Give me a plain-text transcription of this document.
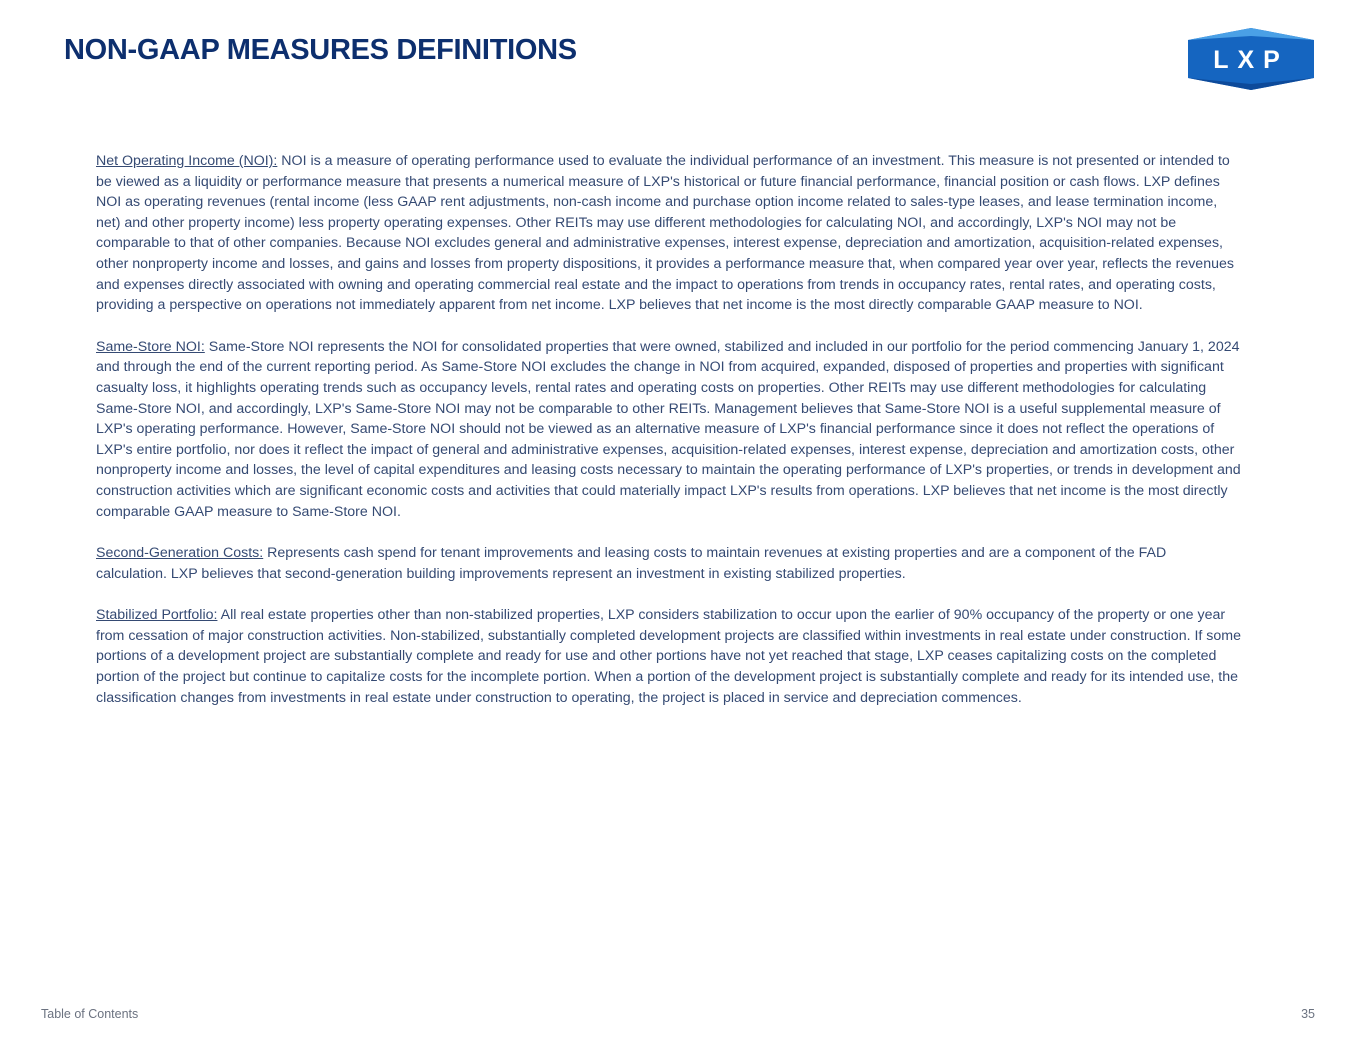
NON-GAAP MEASURES DEFINITIONS	LXP

Net Operating Income (NOI): NOI is a measure of operating performance used to evaluate the individual performance of an investment. This measure is not presented or intended to be viewed as a liquidity or performance measure that presents a numerical measure of LXP's historical or future financial performance, financial position or cash flows. LXP defines NOI as operating revenues (rental income (less GAAP rent adjustments, non-cash income and purchase option income related to sales-type leases, and lease termination income, net) and other property income) less property operating expenses. Other REITs may use different methodologies for calculating NOI, and accordingly, LXP's NOI may not be comparable to that of other companies. Because NOI excludes general and administrative expenses, interest expense, depreciation and amortization, acquisition-related expenses, other nonproperty income and losses, and gains and losses from property dispositions, it provides a performance measure that, when compared year over year, reflects the revenues and expenses directly associated with owning and operating commercial real estate and the impact to operations from trends in occupancy rates, rental rates, and operating costs, providing a perspective on operations not immediately apparent from net income. LXP believes that net income is the most directly comparable GAAP measure to NOI.

Same-Store NOI: Same-Store NOI represents the NOI for consolidated properties that were owned, stabilized and included in our portfolio for the period commencing January 1, 2024 and through the end of the current reporting period. As Same-Store NOI excludes the change in NOI from acquired, expanded, disposed of properties and properties with significant casualty loss, it highlights operating trends such as occupancy levels, rental rates and operating costs on properties. Other REITs may use different methodologies for calculating Same-Store NOI, and accordingly, LXP's Same-Store NOI may not be comparable to other REITs. Management believes that Same-Store NOI is a useful supplemental measure of LXP's operating performance. However, Same-Store NOI should not be viewed as an alternative measure of LXP's financial performance since it does not reflect the operations of LXP's entire portfolio, nor does it reflect the impact of general and administrative expenses, acquisition-related expenses, interest expense, depreciation and amortization costs, other nonproperty income and losses, the level of capital expenditures and leasing costs necessary to maintain the operating performance of LXP's properties, or trends in development and construction activities which are significant economic costs and activities that could materially impact LXP's results from operations. LXP believes that net income is the most directly comparable GAAP measure to Same-Store NOI.

Second-Generation Costs: Represents cash spend for tenant improvements and leasing costs to maintain revenues at existing properties and are a component of the FAD calculation. LXP believes that second-generation building improvements represent an investment in existing stabilized properties.

Stabilized Portfolio: All real estate properties other than non-stabilized properties, LXP considers stabilization to occur upon the earlier of 90% occupancy of the property or one year from cessation of major construction activities. Non-stabilized, substantially completed development projects are classified within investments in real estate under construction. If some portions of a development project are substantially complete and ready for use and other portions have not yet reached that stage, LXP ceases capitalizing costs on the completed portion of the project but continue to capitalize costs for the incomplete portion. When a portion of the development project is substantially complete and ready for its intended use, the classification changes from investments in real estate under construction to operating, the project is placed in service and depreciation commences.

Table of Contents	35
